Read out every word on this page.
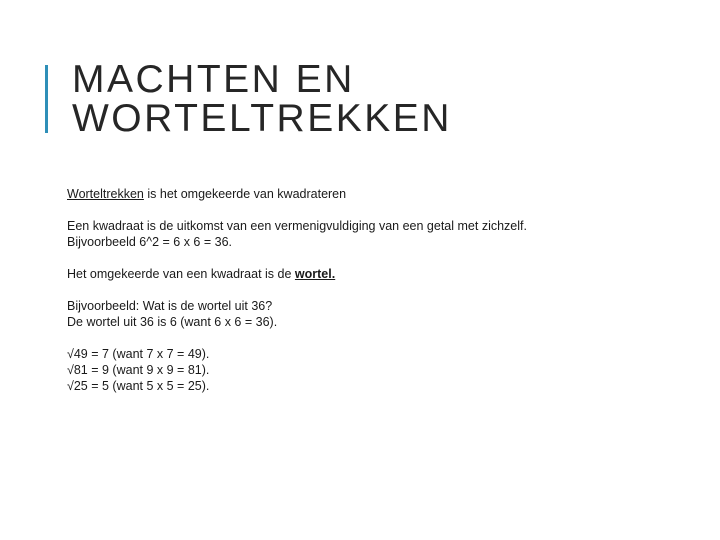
MACHTEN EN
WORTELTREKKEN

Worteltrekken is het omgekeerde van kwadrateren

Een kwadraat is de uitkomst van een vermenigvuldiging van een getal met zichzelf.

Bijvoorbeeld 6^2 = 6 x 6 = 36.

Het omgekeerde van een kwadraat is de wortel.

Bijvoorbeeld: Wat is de wortel uit 36?

De wortel uit 36 is 6 (want 6 x 6 = 36).

√49 = 7 (want 7 x 7 = 49).

√81 = 9 (want 9 x 9 = 81).

√25 = 5 (want 5 x 5 = 25).
